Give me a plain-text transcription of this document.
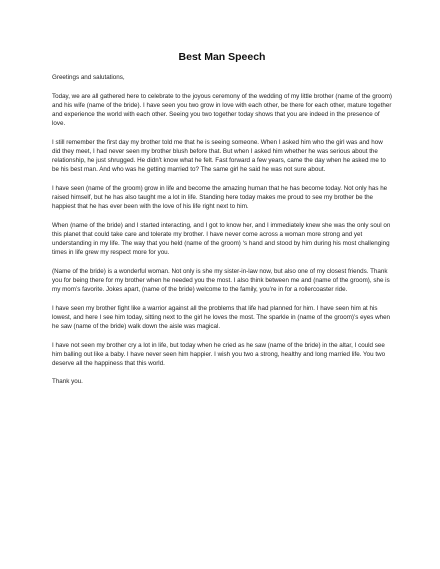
Best Man Speech

Greetings and salutations,

Today, we are all gathered here to celebrate to the joyous ceremony of the wedding of my little brother (name of the groom) and his wife (name of the bride). I have seen you two grow in love with each other, be there for each other, mature together and experience the world with each other. Seeing you two together today shows that you are indeed in the presence of love.

I still remember the first day my brother told me that he is seeing someone. When I asked him who the girl was and how did they meet, I had never seen my brother blush before that. But when I asked him whether he was serious about the relationship, he just shrugged. He didn’t know what he felt. Fast forward a few years, came the day when he asked me to be his best man. And who was he getting married to? The same girl he said he was not sure about.

I have seen (name of the groom) grow in life and become the amazing human that he has become today. Not only has he raised himself, but he has also taught me a lot in life. Standing here today makes me proud to see my brother be the happiest that he has ever been with the love of his life right next to him.

When (name of the bride) and I started interacting, and I got to know her, and I immediately knew she was the only soul on this planet that could take care and tolerate my brother. I have never come across a woman more strong and yet understanding in my life. The way that you held (name of the groom) ‘s hand and stood by him during his most challenging times in life grew my respect more for you.

(Name of the bride) is a wonderful woman. Not only is she my sister-in-law now, but also one of my closest friends. Thank you for being there for my brother when he needed you the most. I also think between me and (name of the groom), she is my mom’s favorite. Jokes apart, (name of the bride) welcome to the family, you’re in for a rollercoaster ride.

I have seen my brother fight like a warrior against all the problems that life had planned for him. I have seen him at his lowest, and here I see him today, sitting next to the girl he loves the most. The sparkle in (name of the groom)’s eyes when he saw (name of the bride) walk down the aisle was magical.

I have not seen my brother cry a lot in life, but today when he cried as he saw (name of the bride) in the altar, I could see him balling out like a baby. I have never seen him happier. I wish you two a strong, healthy and long married life. You two deserve all the happiness that this world.

Thank you.
